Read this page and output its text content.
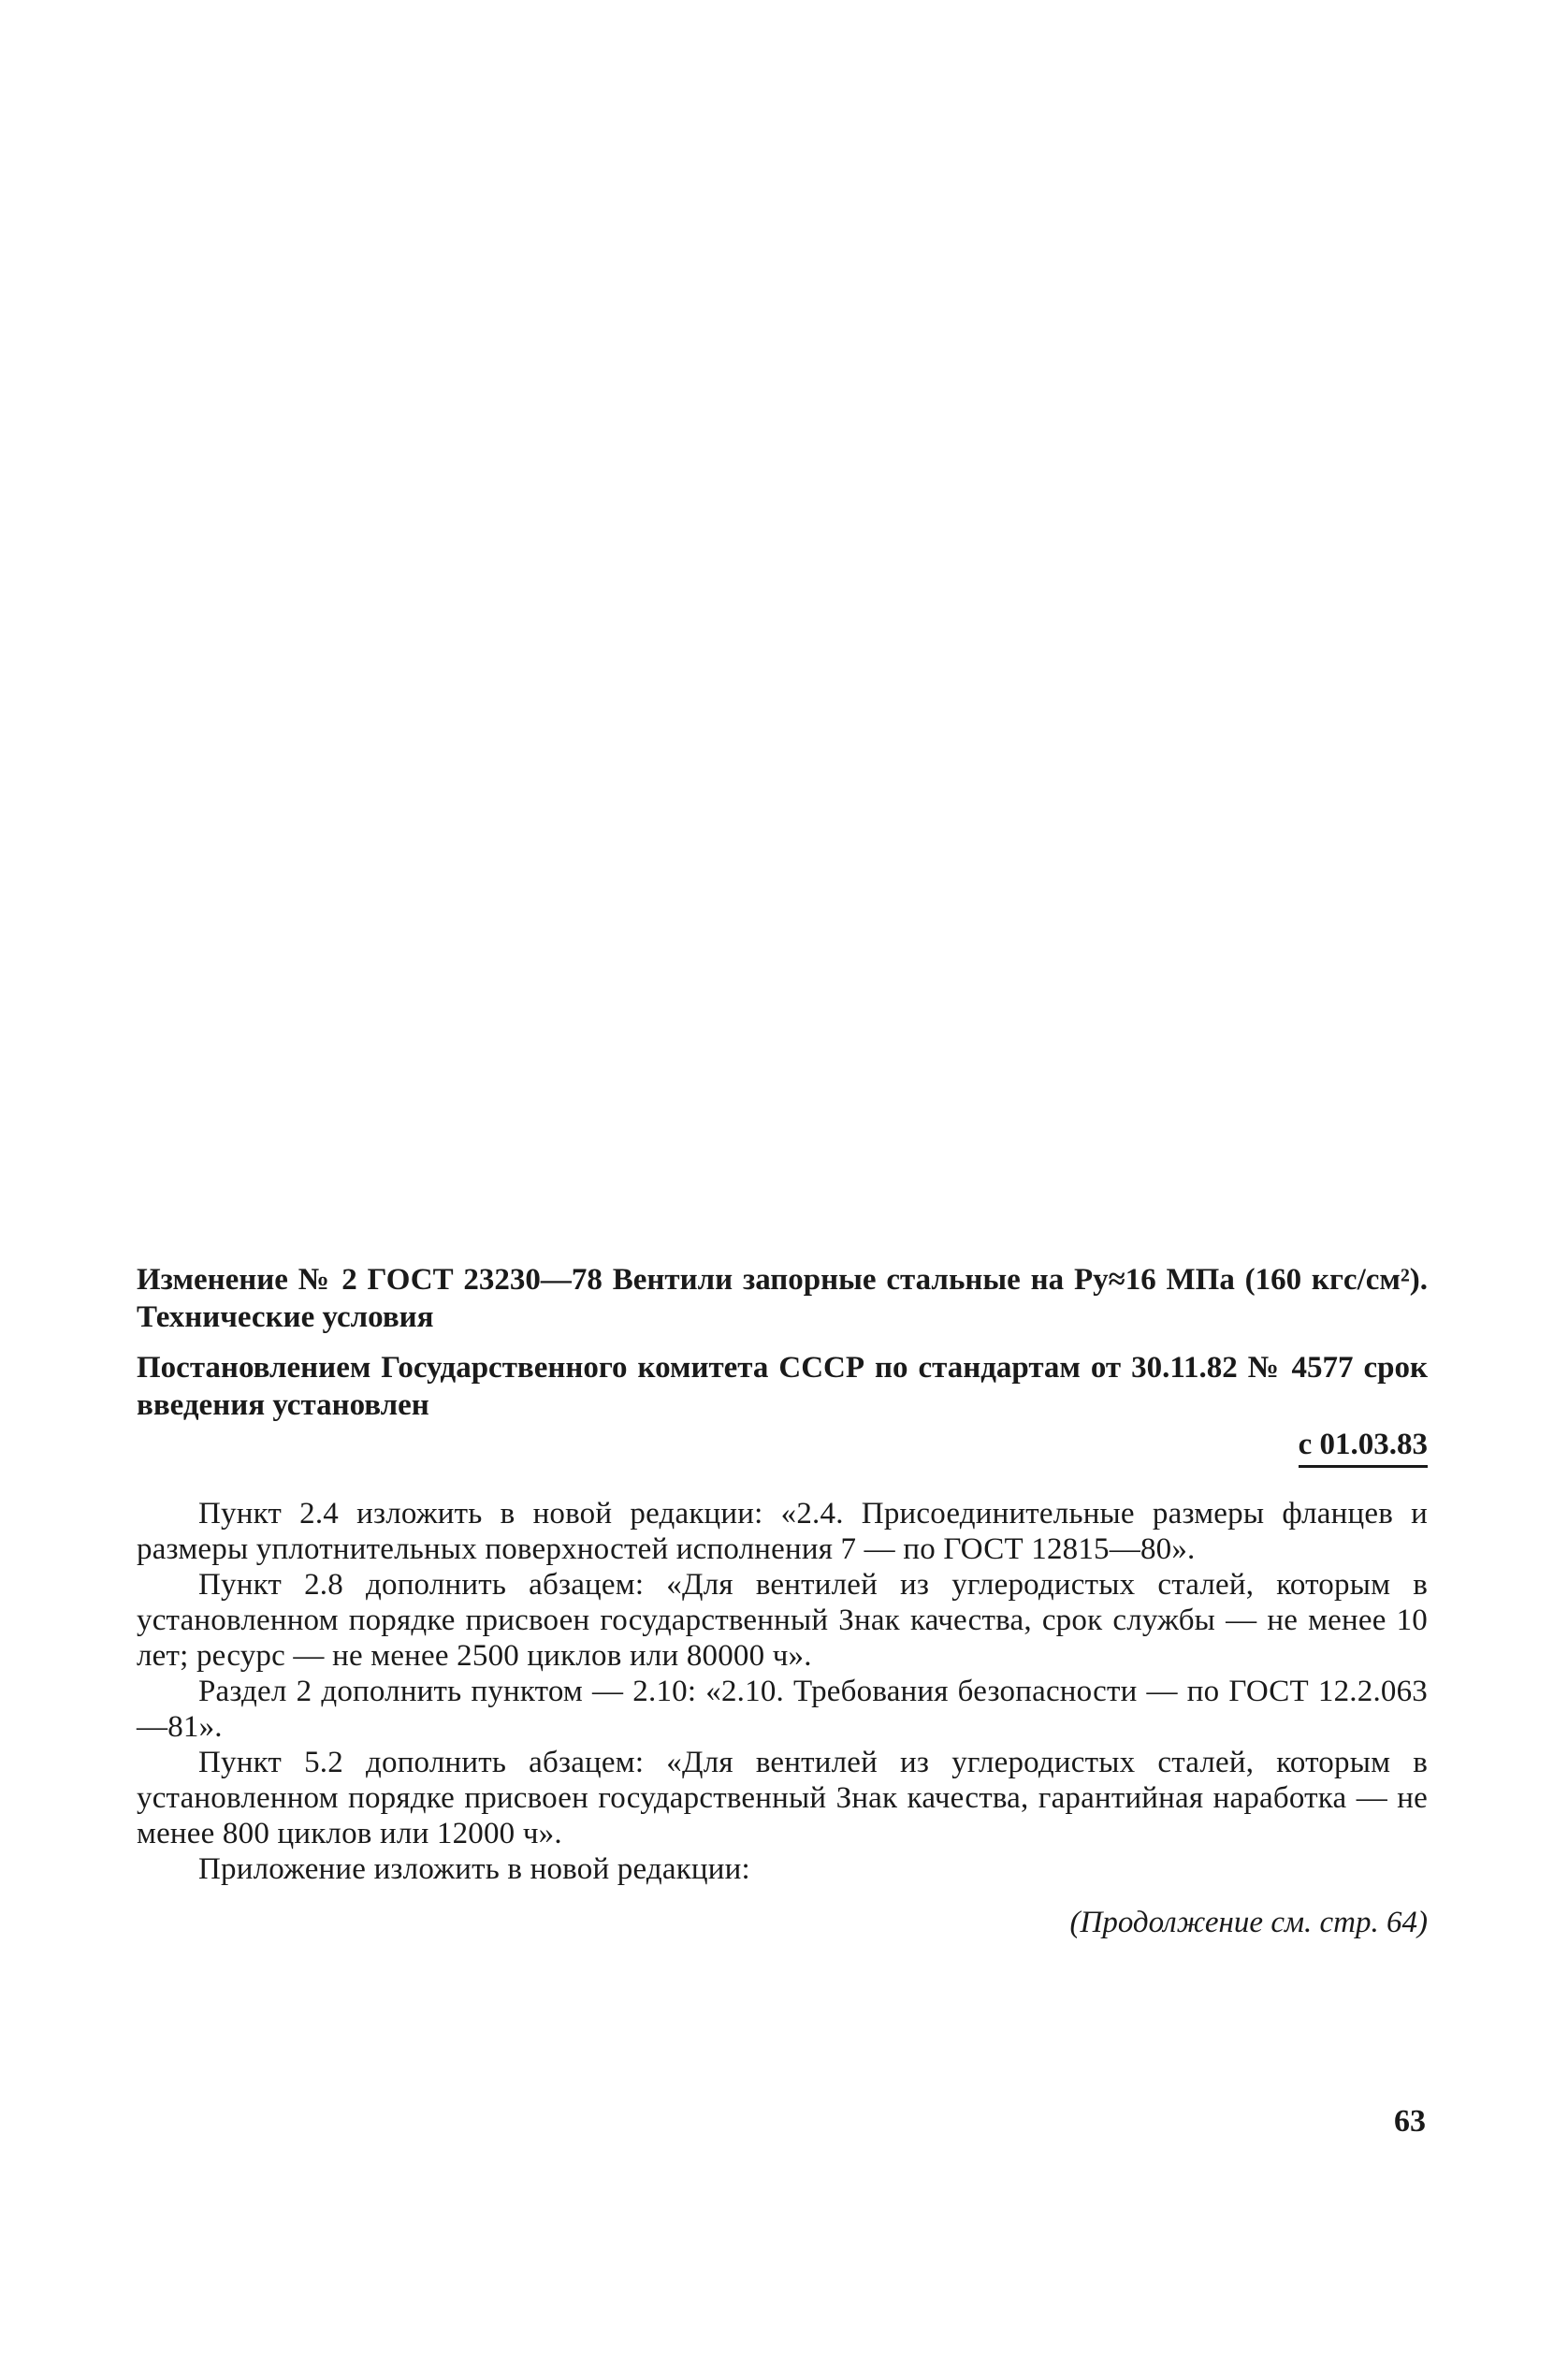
Изменение № 2 ГОСТ 23230—78 Вентили запорные стальные на Py≈16 МПа (160 кгс/см²). Технические условия

Постановлением Государственного комитета СССР по стандартам от 30.11.82 № 4577 срок введения установлен

с 01.03.83

Пункт 2.4 изложить в новой редакции: «2.4. Присоединительные размеры фланцев и размеры уплотнительных поверхностей исполнения 7 — по ГОСТ 12815—80».

Пункт 2.8 дополнить абзацем: «Для вентилей из углеродистых сталей, которым в установленном порядке присвоен государственный Знак качества, срок службы — не менее 10 лет; ресурс — не менее 2500 циклов или 80000 ч».

Раздел 2 дополнить пунктом — 2.10: «2.10. Требования безопасности — по ГОСТ 12.2.063—81».

Пункт 5.2 дополнить абзацем: «Для вентилей из углеродистых сталей, которым в установленном порядке присвоен государственный Знак качества, гарантийная наработка — не менее 800 циклов или 12000 ч».

Приложение изложить в новой редакции:

(Продолжение см. стр. 64)
63
